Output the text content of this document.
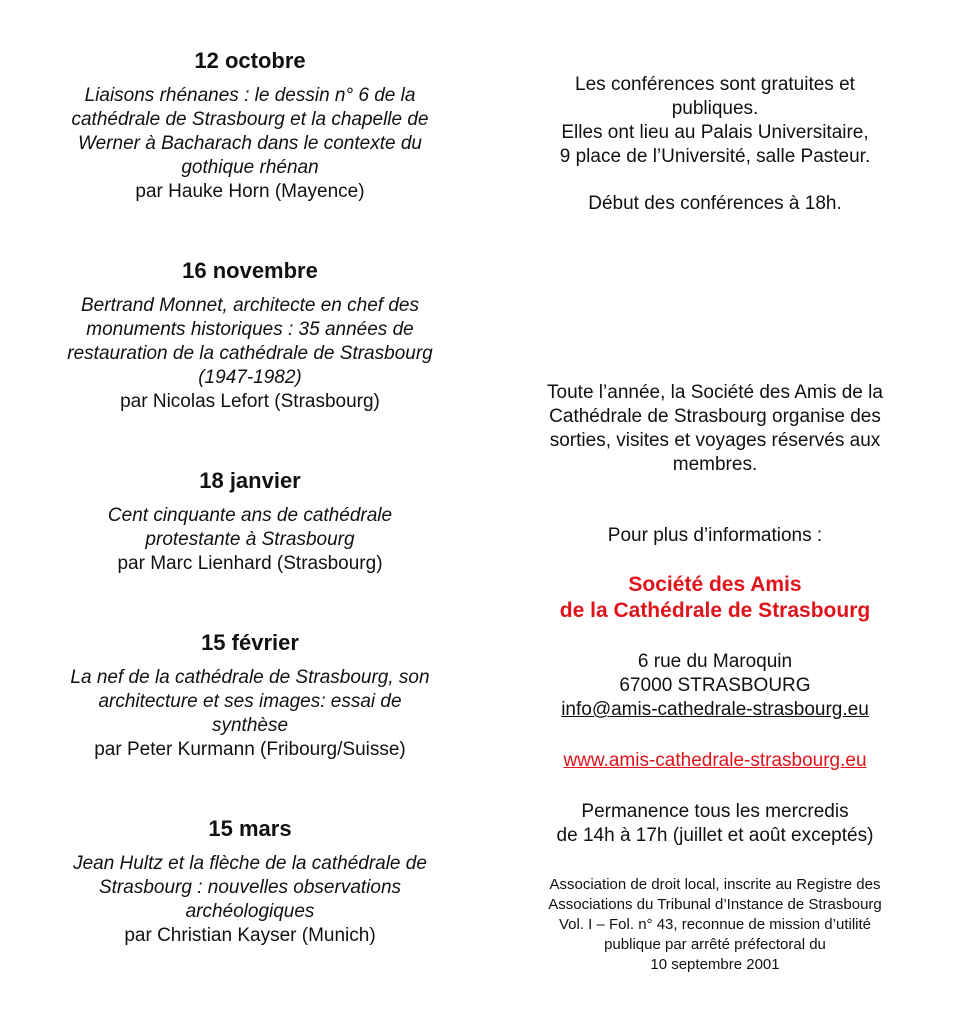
12 octobre
Liaisons rhénanes : le dessin n° 6 de la
cathédrale de Strasbourg et la chapelle de
Werner à Bacharach dans le contexte du
gothique rhénan
par Hauke Horn (Mayence)
16 novembre
Bertrand Monnet, architecte en chef des
monuments historiques : 35 années de
restauration de la cathédrale de Strasbourg
(1947-1982)
par Nicolas Lefort (Strasbourg)
18 janvier
Cent cinquante ans de cathédrale
protestante à Strasbourg
par Marc Lienhard (Strasbourg)
15 février
La nef de la cathédrale de Strasbourg, son
architecture et ses images: essai de
synthèse
par Peter Kurmann (Fribourg/Suisse)
15 mars
Jean Hultz et la flèche de la cathédrale de
Strasbourg : nouvelles observations
archéologiques
par Christian Kayser (Munich)
Les conférences sont gratuites et
publiques.
Elles ont lieu au Palais Universitaire,
9 place de l’Université, salle Pasteur.
Début des conférences à 18h.
Toute l’année, la Société des Amis de la
Cathédrale de Strasbourg organise des
sorties, visites et voyages réservés aux
membres.
Pour plus d’informations :
Société des Amis
de la Cathédrale de Strasbourg
6 rue du Maroquin
67000 STRASBOURG
info@amis-cathedrale-strasbourg.eu
www.amis-cathedrale-strasbourg.eu
Permanence tous les mercredis
de 14h à 17h (juillet et août exceptés)
Association de droit local, inscrite au Registre des
Associations du Tribunal d’Instance de Strasbourg
Vol. I – Fol. n° 43, reconnue de mission d’utilité
publique par arrêté préfectoral du
10 septembre 2001
